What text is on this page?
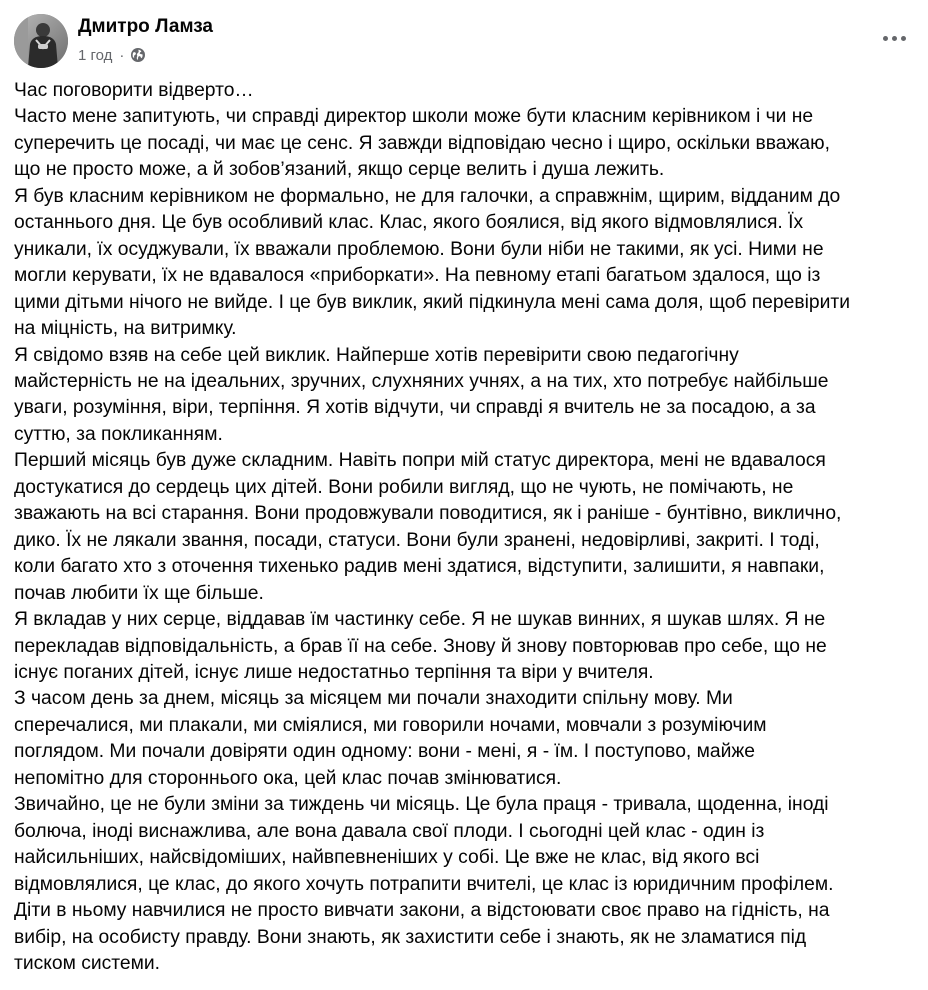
Дмитро Ламза
1 год ·
Час поговорити відверто…
Часто мене запитують, чи справді директор школи може бути класним керівником і чи не
суперечить це посаді, чи має це сенс. Я завжди відповідаю чесно і щиро, оскільки вважаю,
що не просто може, а й зобов’язаний, якщо серце велить і душа лежить.
Я був класним керівником не формально, не для галочки, а справжнім, щирим, відданим до
останнього дня. Це був особливий клас. Клас, якого боялися, від якого відмовлялися. Їх
уникали, їх осуджували, їх вважали проблемою. Вони були ніби не такими, як усі. Ними не
могли керувати, їх не вдавалося «приборкати». На певному етапі багатьом здалося, що із
цими дітьми нічого не вийде. І це був виклик, який підкинула мені сама доля, щоб перевірити
на міцність, на витримку.
Я свідомо взяв на себе цей виклик. Найперше хотів перевірити свою педагогічну
майстерність не на ідеальних, зручних, слухняних учнях, а на тих, хто потребує найбільше
уваги, розуміння, віри, терпіння. Я хотів відчути, чи справді я вчитель не за посадою, а за
суттю, за покликанням.
Перший місяць був дуже складним. Навіть попри мій статус директора, мені не вдавалося
достукатися до сердець цих дітей. Вони робили вигляд, що не чують, не помічають, не
зважають на всі старання. Вони продовжували поводитися, як і раніше - бунтівно, виклично,
дико. Їх не лякали звання, посади, статуси. Вони були зранені, недовірливі, закриті. І тоді,
коли багато хто з оточення тихенько радив мені здатися, відступити, залишити, я навпаки,
почав любити їх ще більше.
Я вкладав у них серце, віддавав їм частинку себе. Я не шукав винних, я шукав шлях. Я не
перекладав відповідальність, а брав її на себе. Знову й знову повторював про себе, що не
існує поганих дітей, існує лише недостатньо терпіння та віри у вчителя.
З часом день за днем, місяць за місяцем ми почали знаходити спільну мову. Ми
сперечалися, ми плакали, ми сміялися, ми говорили ночами, мовчали з розуміючим
поглядом. Ми почали довіряти один одному: вони - мені, я - їм. І поступово, майже
непомітно для стороннього ока, цей клас почав змінюватися.
Звичайно, це не були зміни за тиждень чи місяць. Це була праця - тривала, щоденна, іноді
болюча, іноді виснажлива, але вона давала свої плоди. І сьогодні цей клас - один із
найсильніших, найсвідоміших, найвпевненіших у собі. Це вже не клас, від якого всі
відмовлялися, це клас, до якого хочуть потрапити вчителі, це клас із юридичним профілем.
Діти в ньому навчилися не просто вивчати закони, а відстоювати своє право на гідність, на
вибір, на особисту правду. Вони знають, як захистити себе і знають, як не зламатися під
тиском системи.
